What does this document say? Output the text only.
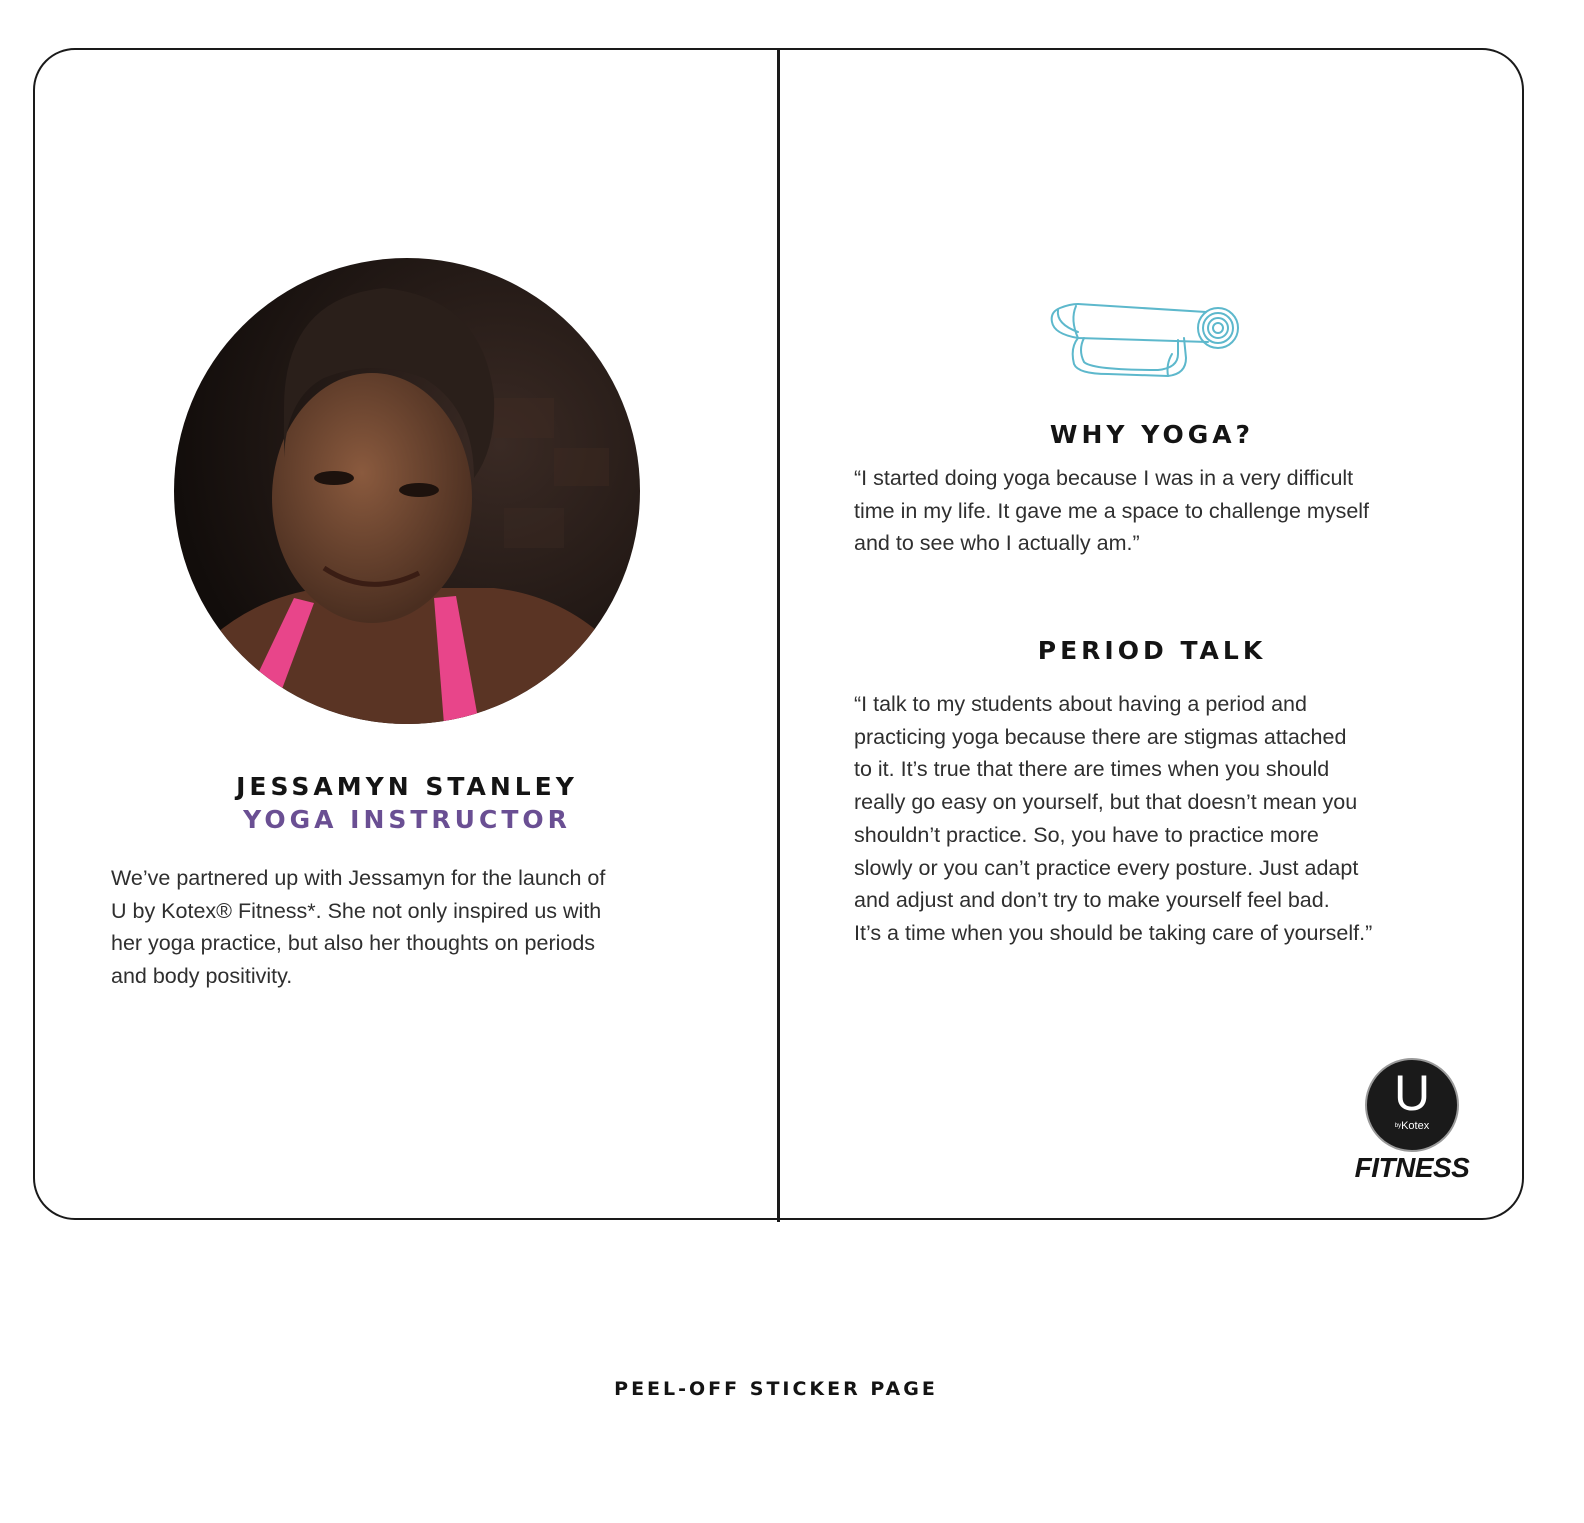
JESSAMYN STANLEY
YOGA INSTRUCTOR
We’ve partnered up with Jessamyn for the launch of
U by Kotex® Fitness*. She not only inspired us with
her yoga practice, but also her thoughts on periods
and body positivity.
WHY YOGA?
“I started doing yoga because I was in a very difficult
time in my life. It gave me a space to challenge myself
and to see who I actually am.”
PERIOD TALK
“I talk to my students about having a period and
practicing yoga because there are stigmas attached
to it. It’s true that there are times when you should
really go easy on yourself, but that doesn’t mean you
shouldn’t practice. So, you have to practice more
slowly or you can’t practice every posture. Just adapt
and adjust and don’t try to make yourself feel bad.
It’s a time when you should be taking care of yourself.”
U
$^{by}$Kotex
FITNESS
PEEL-OFF STICKER PAGE
